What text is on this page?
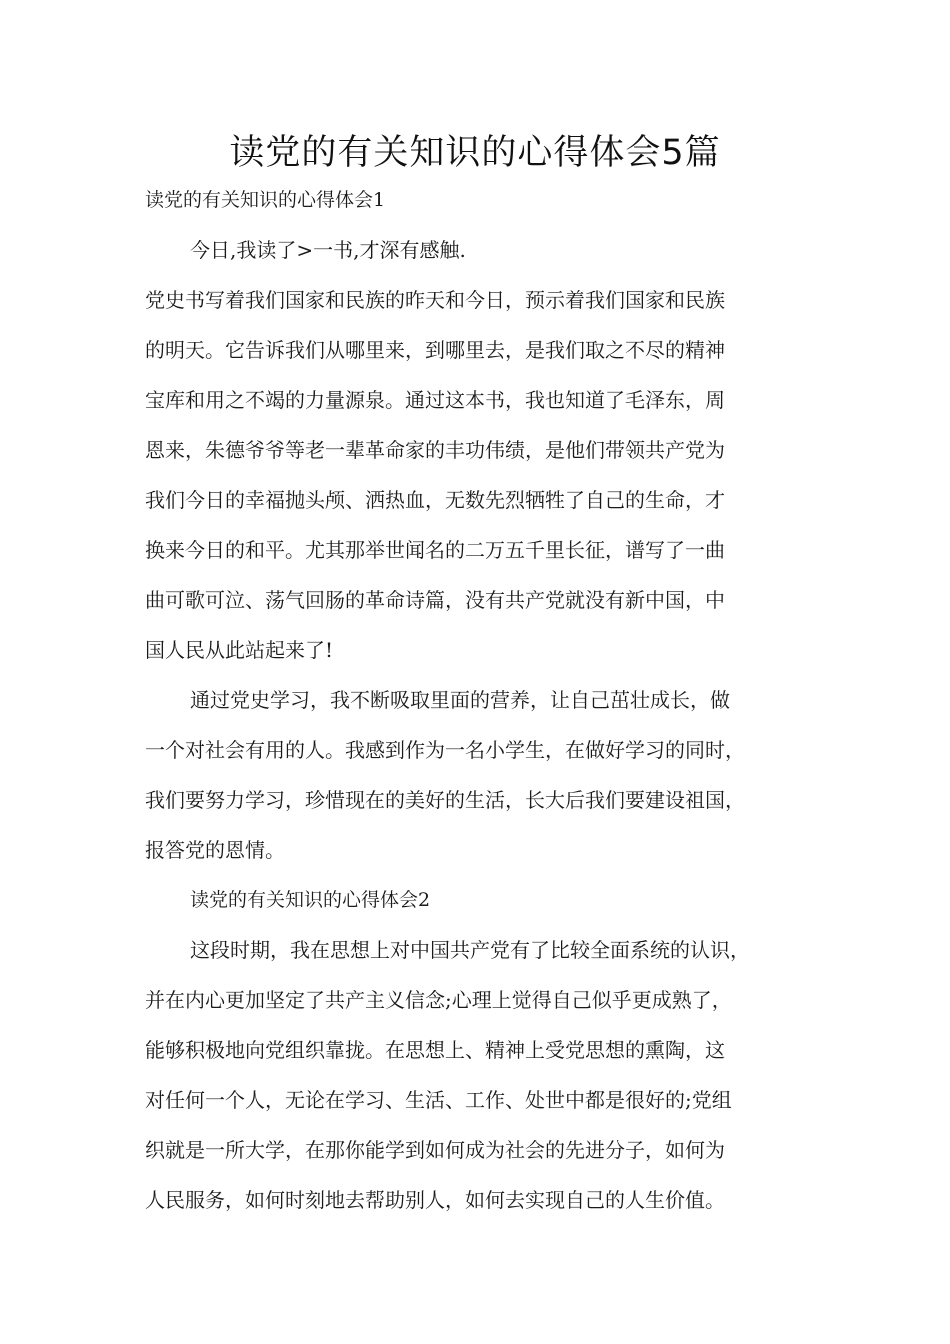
读党的有关知识的心得体会5篇
读党的有关知识的心得体会1
今日,我读了>一书,才深有感触.
党史书写着我们国家和民族的昨天和今日，预示着我们国家和民族
的明天。它告诉我们从哪里来，到哪里去，是我们取之不尽的精神
宝库和用之不竭的力量源泉。通过这本书，我也知道了毛泽东，周
恩来，朱德爷爷等老一辈革命家的丰功伟绩，是他们带领共产党为
我们今日的幸福抛头颅、洒热血，无数先烈牺牲了自己的生命，才
换来今日的和平。尤其那举世闻名的二万五千里长征，谱写了一曲
曲可歌可泣、荡气回肠的革命诗篇，没有共产党就没有新中国，中
国人民从此站起来了!
通过党史学习，我不断吸取里面的营养，让自己茁壮成长，做
一个对社会有用的人。我感到作为一名小学生，在做好学习的同时，
我们要努力学习，珍惜现在的美好的生活，长大后我们要建设祖国，
报答党的恩情。
读党的有关知识的心得体会2
这段时期，我在思想上对中国共产党有了比较全面系统的认识，
并在内心更加坚定了共产主义信念;心理上觉得自己似乎更成熟了，
能够积极地向党组织靠拢。在思想上、精神上受党思想的熏陶，这
对任何一个人，无论在学习、生活、工作、处世中都是很好的;党组
织就是一所大学，在那你能学到如何成为社会的先进分子，如何为
人民服务，如何时刻地去帮助别人，如何去实现自己的人生价值。
